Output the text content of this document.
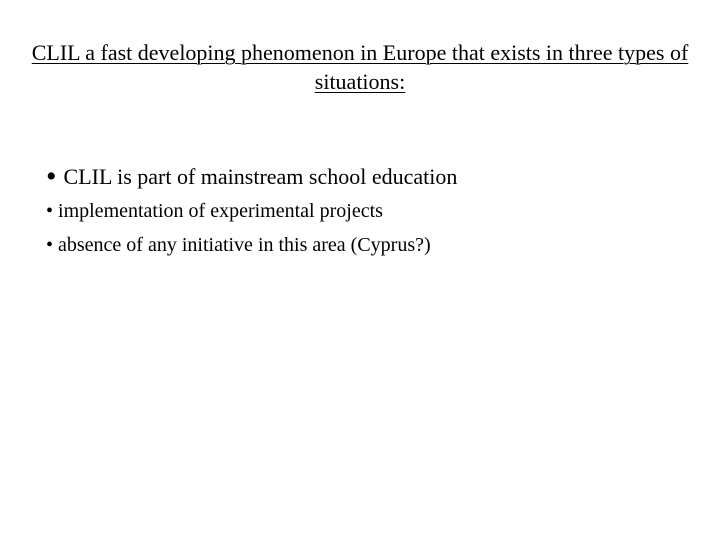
CLIL a fast developing phenomenon in Europe that exists in three types of situations:
• CLIL is part of mainstream school education
• implementation of experimental projects
• absence of any initiative in this area (Cyprus?)
